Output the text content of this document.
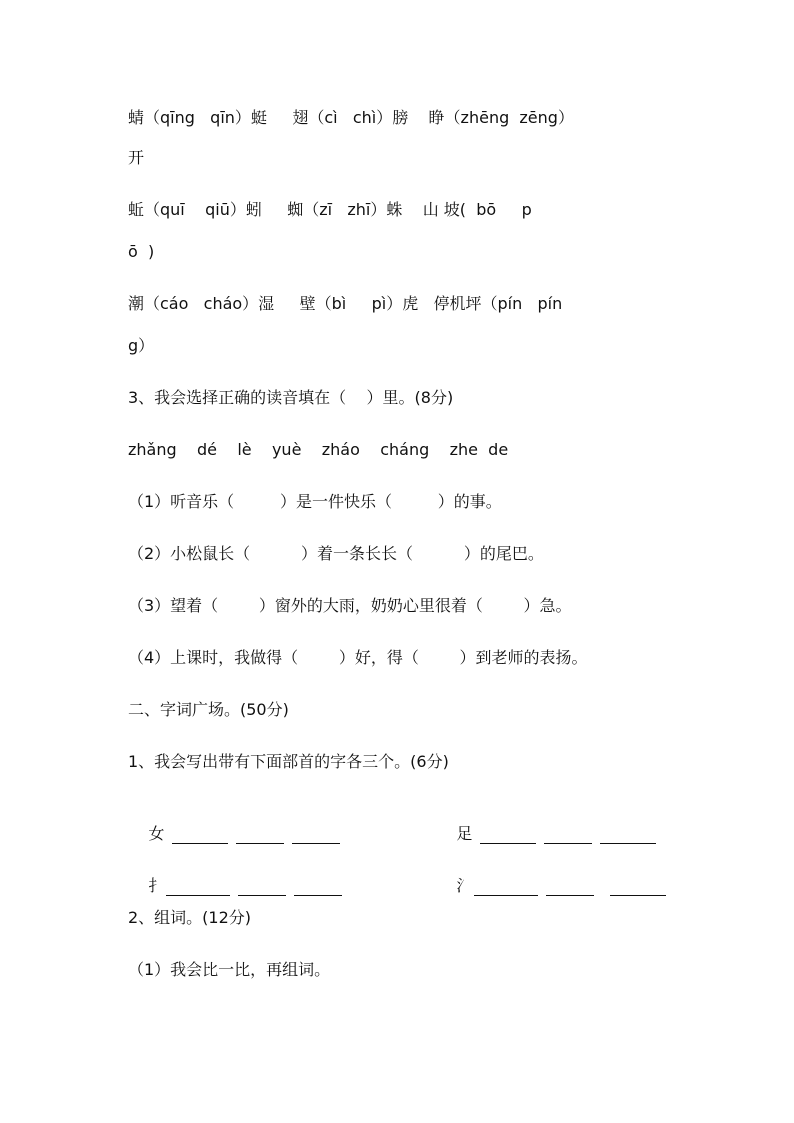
蜻（qīng   qīn）蜓     翅（cì   chì）膀    睁（zhēng  zēng）
开
蚯（quī    qiū）蚓     蜘（zī   zhī）蛛    山 坡(  bō     p
ō  )
潮（cáo   cháo）湿     壁（bì     pì）虎   停机坪（pín   pín
g）
3、我会选择正确的读音填在（    ）里。(8分)
zhǎng    dé    lè    yuè    zháo    cháng    zhe  de
（1）听音乐（         ）是一件快乐（         ）的事。
（2）小松鼠长（          ）着一条长长（          ）的尾巴。
（3）望着（        ）窗外的大雨，奶奶心里很着（        ）急。
（4）上课时，我做得（        ）好，得（        ）到老师的表扬。
二、字词广场。(50分)
1、我会写出带有下面部首的字各三个。(6分)

女
	足

扌
	氵

2、组词。(12分)
（1）我会比一比，再组词。
